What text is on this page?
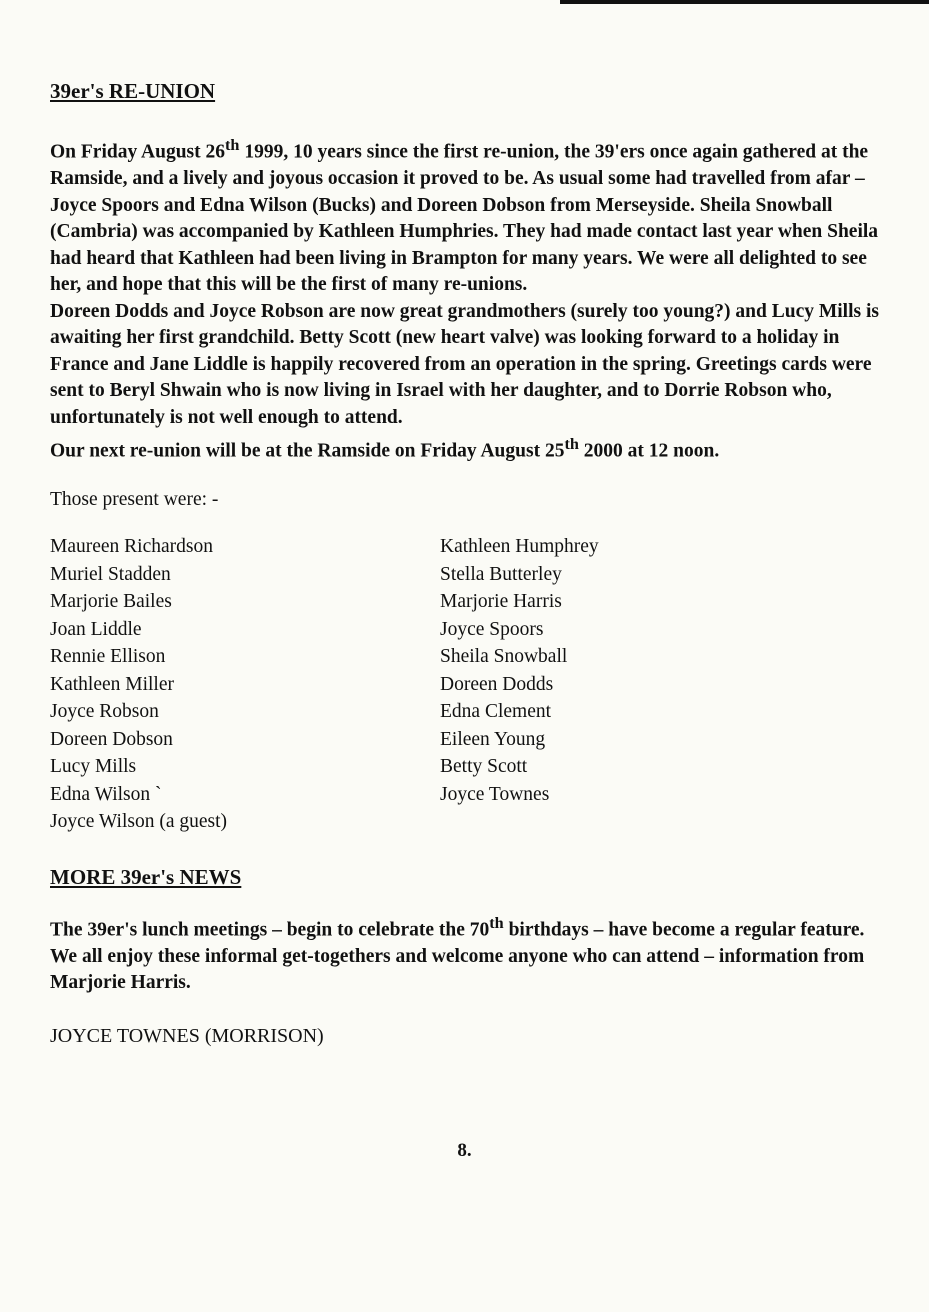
39er's RE-UNION

On Friday August 26th 1999, 10 years since the first re-union, the 39'ers once again gathered at the Ramside, and a lively and joyous occasion it proved to be. As usual some had travelled from afar – Joyce Spoors and Edna Wilson (Bucks) and Doreen Dobson from Merseyside. Sheila Snowball (Cambria) was accompanied by Kathleen Humphries. They had made contact last year when Sheila had heard that Kathleen had been living in Brampton for many years. We were all delighted to see her, and hope that this will be the first of many re-unions.

Doreen Dodds and Joyce Robson are now great grandmothers (surely too young?) and Lucy Mills is awaiting her first grandchild. Betty Scott (new heart valve) was looking forward to a holiday in France and Jane Liddle is happily recovered from an operation in the spring. Greetings cards were sent to Beryl Shwain who is now living in Israel with her daughter, and to Dorrie Robson who, unfortunately is not well enough to attend.

Our next re-union will be at the Ramside on Friday August 25th 2000 at 12 noon.

Those present were: -

Maureen Richardson
Muriel Stadden
Marjorie Bailes
Joan Liddle
Rennie Ellison
Kathleen Miller
Joyce Robson
Doreen Dobson
Lucy Mills
Edna Wilson `
Joyce Wilson (a guest)
Kathleen Humphrey
Stella Butterley
Marjorie Harris
Joyce Spoors
Sheila Snowball
Doreen Dodds
Edna Clement
Eileen Young
Betty Scott
Joyce Townes
MORE 39er's NEWS

The 39er's lunch meetings – begin to celebrate the 70th birthdays – have become a regular feature. We all enjoy these informal get-togethers and welcome anyone who can attend – information from Marjorie Harris.

JOYCE TOWNES (MORRISON)
8.
